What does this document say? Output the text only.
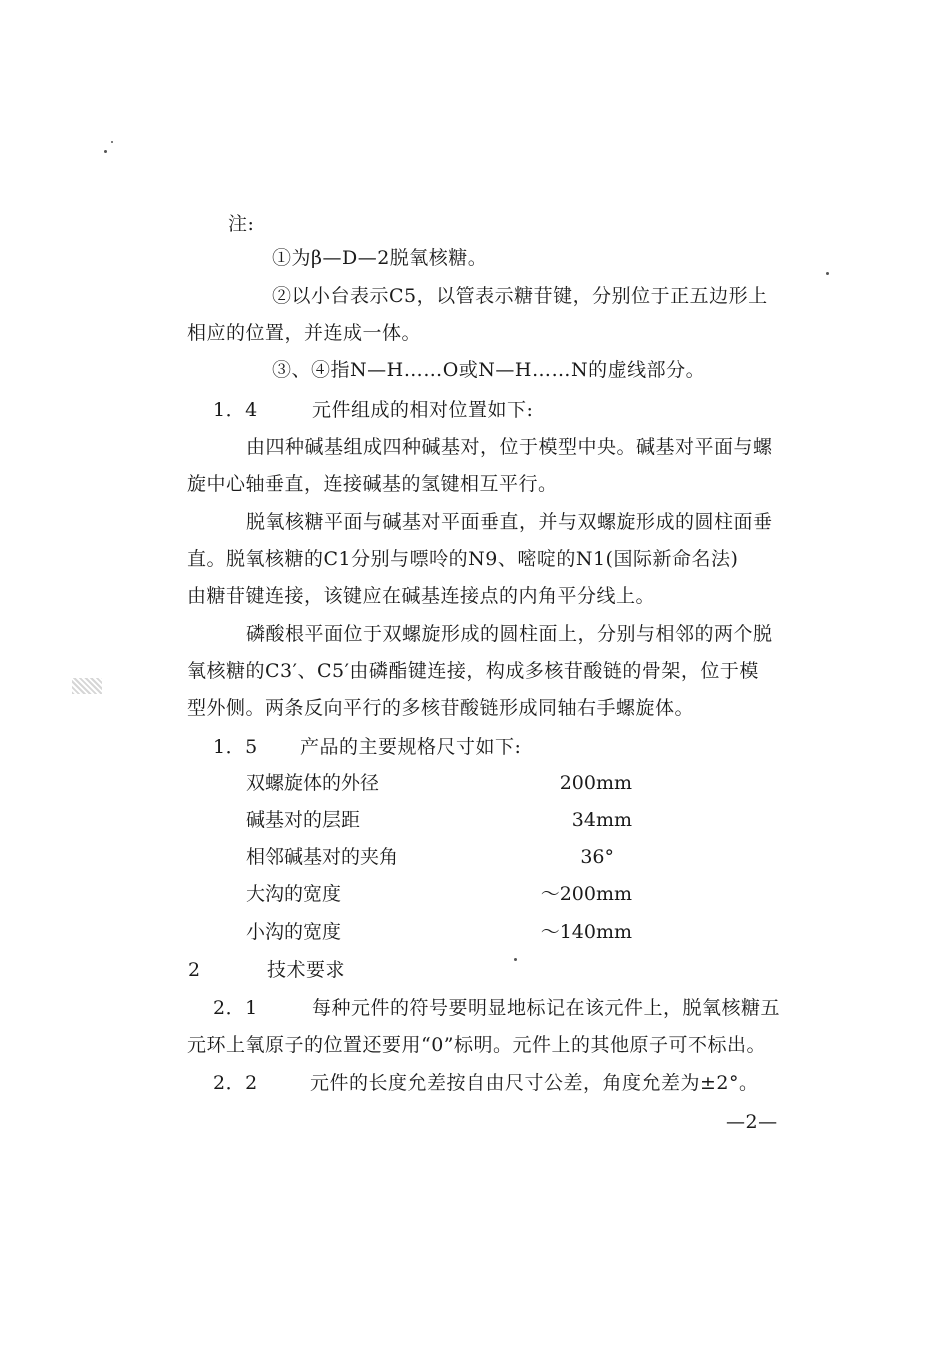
注:
①为β—D—2脱氧核糖。
②以小台表示C5，以管表示糖苷键，分别位于正五边形上
相应的位置，并连成一体。
③、④指N—H……O或N—H……N的虚线部分。
1．4	元件组成的相对位置如下:
由四种碱基组成四种碱基对，位于模型中央。碱基对平面与螺
旋中心轴垂直，连接碱基的氢键相互平行。
脱氧核糖平面与碱基对平面垂直，并与双螺旋形成的圆柱面垂
直。脱氧核糖的C1分别与嘌呤的N9、嘧啶的N1(国际新命名法)
由糖苷键连接，该键应在碱基连接点的内角平分线上。
磷酸根平面位于双螺旋形成的圆柱面上，分别与相邻的两个脱
氧核糖的C3′、C5′由磷酯键连接，构成多核苷酸链的骨架，位于模
型外侧。两条反向平行的多核苷酸链形成同轴右手螺旋体。
1．5 产品的主要规格尺寸如下:
双螺旋体的外径	200mm
碱基对的层距	34mm
相邻碱基对的夹角	36°
大沟的宽度	～200mm
小沟的宽度	～140mm
2	技术要求
2．1	每种元件的符号要明显地标记在该元件上，脱氧核糖五
元环上氧原子的位置还要用“0”标明。元件上的其他原子可不标出。
2．2	元件的长度允差按自由尺寸公差，角度允差为±2°。
—2—
